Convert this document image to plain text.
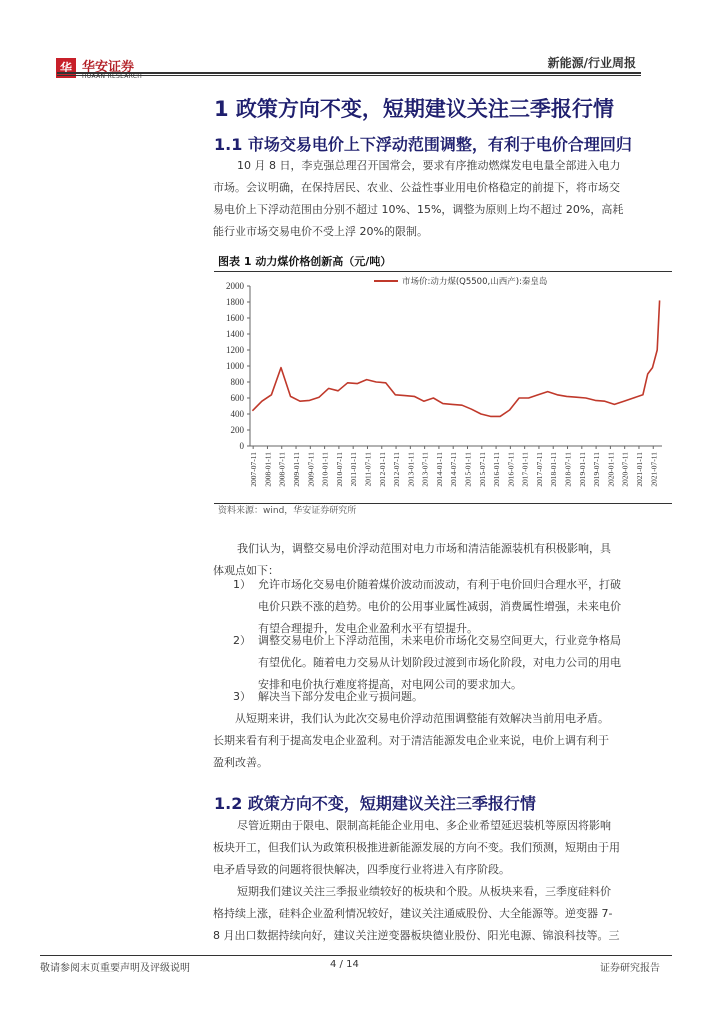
华 华安证券
HUAAN RESEARCH
新能源/行业周报
1 政策方向不变，短期建议关注三季报行情
1.1 市场交易电价上下浮动范围调整，有利于电价合理回归
10 月 8 日，李克强总理召开国常会，要求有序推动燃煤发电电量全部进入电力
市场。会议明确，在保持居民、农业、公益性事业用电价格稳定的前提下，将市场交
易电价上下浮动范围由分别不超过 10%、15%，调整为原则上均不超过 20%，高耗
能行业市场交易电价不受上浮 20%的限制。
图表 1 动力煤价格创新高（元/吨）
0
200
400
600
800
1000
1200
1400
1600
1800
2000
2007-07-11 2008-01-11 2008-07-11 2009-01-11 2009-07-11 2010-01-11 2010-07-11 2011-01-11 2011-07-11 2012-01-11 2012-07-11 2013-01-11 2013-07-11 2014-01-11 2014-07-11 2015-01-11 2015-07-11 2016-01-11 2016-07-11 2017-01-11 2017-07-11 2018-01-11 2018-07-11 2019-01-11 2019-07-11 2020-01-11 2020-07-11 2021-01-11 2021-07-11
市场价:动力煤(Q5500,山西产):秦皇岛
资料来源：wind，华安证券研究所
我们认为，调整交易电价浮动范围对电力市场和清洁能源装机有积极影响，具
体观点如下：
1） 允许市场化交易电价随着煤价波动而波动，有利于电价回归合理水平，打破
电价只跌不涨的趋势。电价的公用事业属性减弱，消费属性增强，未来电价
有望合理提升，发电企业盈利水平有望提升。
2） 调整交易电价上下浮动范围，未来电价市场化交易空间更大，行业竞争格局
有望优化。随着电力交易从计划阶段过渡到市场化阶段，对电力公司的用电
安排和电价执行难度将提高，对电网公司的要求加大。
3） 解决当下部分发电企业亏损问题。
从短期来讲，我们认为此次交易电价浮动范围调整能有效解决当前用电矛盾。
长期来看有利于提高发电企业盈利。对于清洁能源发电企业来说，电价上调有利于
盈利改善。
1.2 政策方向不变，短期建议关注三季报行情
尽管近期由于限电、限制高耗能企业用电、多企业希望延迟装机等原因将影响
板块开工，但我们认为政策积极推进新能源发展的方向不变。我们预测，短期由于用
电矛盾导致的问题将很快解决，四季度行业将进入有序阶段。
短期我们建议关注三季报业绩较好的板块和个股。从板块来看，三季度硅料价
格持续上涨，硅料企业盈利情况较好，建议关注通威股份、大全能源等。逆变器 7-
8 月出口数据持续向好，建议关注逆变器板块德业股份、阳光电源、锦浪科技等。三
敬请参阅末页重要声明及评级说明	4 / 14	证券研究报告
